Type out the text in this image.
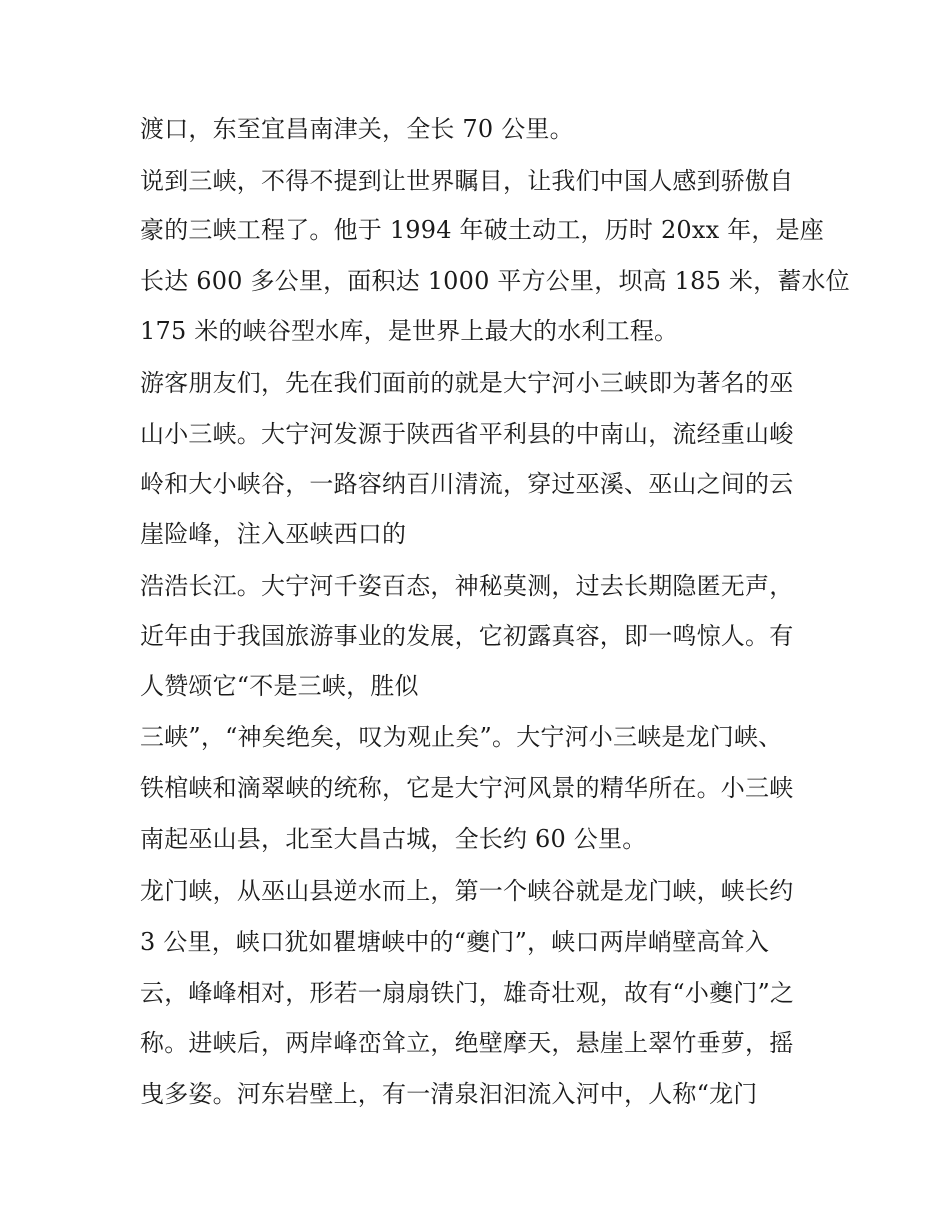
渡口，东至宜昌南津关，全长 70 公里。
说到三峡，不得不提到让世界瞩目，让我们中国人感到骄傲自
豪的三峡工程了。他于 1994 年破土动工，历时 20xx 年，是座
长达 600 多公里，面积达 1000 平方公里，坝高 185 米，蓄水位
175 米的峡谷型水库，是世界上最大的水利工程。
游客朋友们，先在我们面前的就是大宁河小三峡即为著名的巫
山小三峡。大宁河发源于陕西省平利县的中南山，流经重山峻
岭和大小峡谷，一路容纳百川清流，穿过巫溪、巫山之间的云
崖险峰，注入巫峡西口的
浩浩长江。大宁河千姿百态，神秘莫测，过去长期隐匿无声，
近年由于我国旅游事业的发展，它初露真容，即一鸣惊人。有
人赞颂它“不是三峡，胜似
三峡”，“神矣绝矣，叹为观止矣”。大宁河小三峡是龙门峡、
铁棺峡和滴翠峡的统称，它是大宁河风景的精华所在。小三峡
南起巫山县，北至大昌古城，全长约 60 公里。
龙门峡，从巫山县逆水而上，第一个峡谷就是龙门峡，峡长约
3 公里，峡口犹如瞿塘峡中的“夔门”，峡口两岸峭壁高耸入
云，峰峰相对，形若一扇扇铁门，雄奇壮观，故有“小夔门”之
称。进峡后，两岸峰峦耸立，绝壁摩天，悬崖上翠竹垂萝，摇
曳多姿。河东岩壁上，有一清泉汩汩流入河中，人称“龙门
